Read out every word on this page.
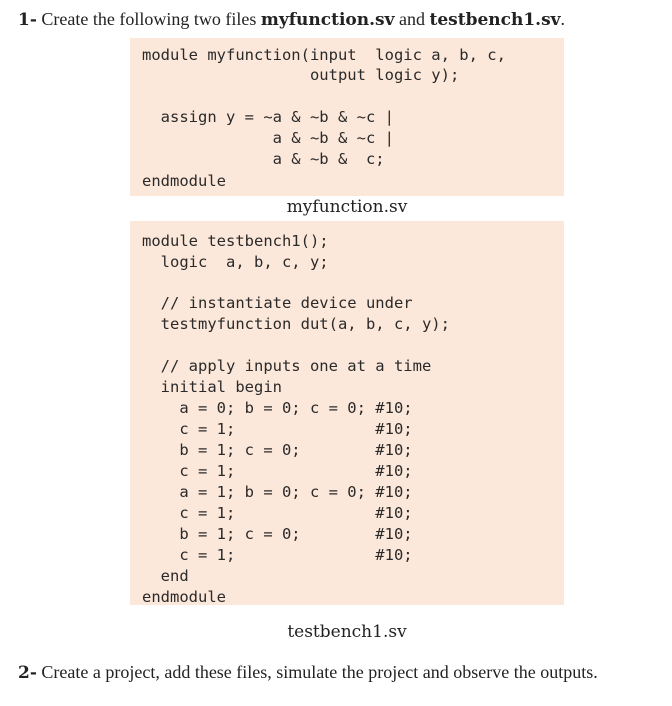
1- Create the following two files myfunction.sv and testbench1.sv.
module myfunction(input  logic a, b, c,
output logic y);
assign y = ~a & ~b & ~c |
a & ~b & ~c |
a & ~b &  c;
endmodule
myfunction.sv
module testbench1();
logic  a, b, c, y;
// instantiate device under
testmyfunction dut(a, b, c, y);
// apply inputs one at a time
initial begin
a = 0; b = 0; c = 0; #10;
c = 1;               #10;
b = 1; c = 0;        #10;
c = 1;               #10;
a = 1; b = 0; c = 0; #10;
c = 1;               #10;
b = 1; c = 0;        #10;
c = 1;               #10;
end
endmodule
testbench1.sv
2- Create a project, add these files, simulate the project and observe the outputs.
